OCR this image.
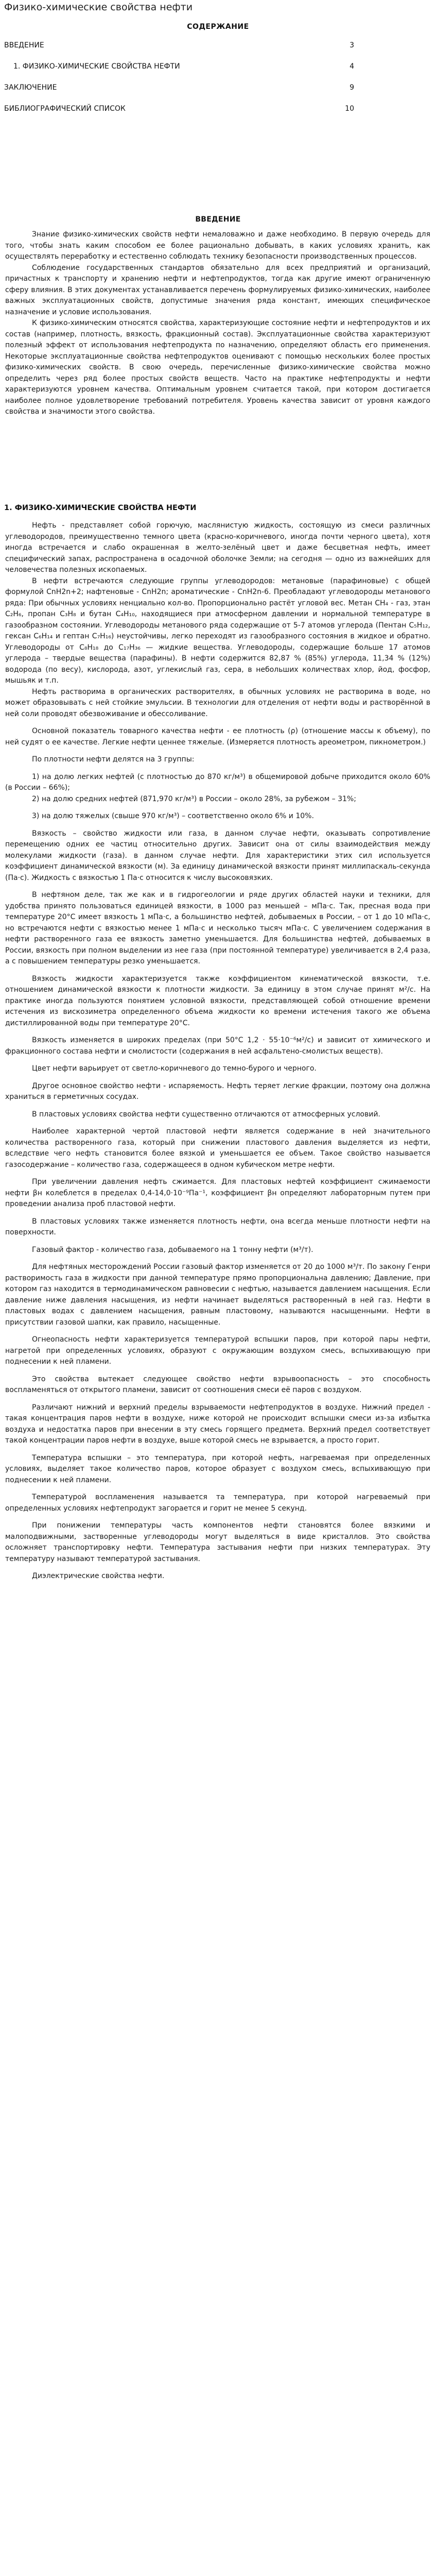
Физико-химические свойства нефти
СОДЕРЖАНИЕ
ВВЕДЕНИЕ	3
1. ФИЗИКО-ХИМИЧЕСКИЕ СВОЙСТВА НЕФТИ	4
ЗАКЛЮЧЕНИЕ	9
БИБЛИОГРАФИЧЕСКИЙ СПИСОК	10
ВВЕДЕНИЕ

Знание физико-химических свойств нефти немаловажно и даже необходимо. В первую очередь для того, чтобы знать каким способом ее более рационально добывать, в каких условиях хранить, как осуществлять переработку и естественно соблюдать технику безопасности производственных процессов.

Соблюдение государственных стандартов обязательно для всех предприятий и организаций, причастных к транспорту и хранению нефти и нефтепродуктов, тогда как другие имеют ограниченную сферу влияния. В этих документах устанавливается перечень формулируемых физико-химических, наиболее важных эксплуатационных свойств, допустимые значения ряда констант, имеющих специфическое назначение и условие использования.

К физико-химическим относятся свойства, характеризующие состояние нефти и нефтепродуктов и их состав (например, плотность, вязкость, фракционный состав). Эксплуатационные свойства характеризуют полезный эффект от использования нефтепродукта по назначению, определяют область его применения. Некоторые эксплуатационные свойства нефтепродуктов оценивают с помощью нескольких более простых физико-химических свойств. В свою очередь, перечисленные физико-химические свойства можно определить через ряд более простых свойств веществ. Часто на практике нефтепродукты и нефти характеризуются уровнем качества. Оптимальным уровнем считается такой, при котором достигается наиболее полное удовлетворение требований потребителя. Уровень качества зависит от уровня каждого свойства и значимости этого свойства.

1. ФИЗИКО-ХИМИЧЕСКИЕ СВОЙСТВА НЕФТИ

Нефть - представляет собой горючую, маслянистую жидкость, состоящую из смеси различных углеводородов, преимущественно темного цвета (красно-коричневого, иногда почти черного цвета), хотя иногда встречается и слабо окрашенная в желто-зелёный цвет и даже бесцветная нефть, имеет специфический запах, распространена в осадочной оболочке Земли; на сегодня — одно из важнейших для человечества полезных ископаемых.

В нефти встречаются следующие группы углеводородов: метановые (парафиновые) с общей формулой CnH2n+2; нафтеновые - CnH2n; ароматические - CnH2n-6. Преобладают углеводороды метанового ряда: При обычных условиях ненциально кол-во. Пропорционально растёт угловой вес. Метан CH₄ - газ, этан C₂H₆, пропан C₃H₈ и бутан C₄H₁₀, находящиеся при атмосферном давлении и нормальной температуре в газообразном состоянии. Углеводороды метанового ряда содержащие от 5-7 атомов углерода (Пентан C₅H₁₂, гексан C₆H₁₄ и гептан C₇H₁₆) неустойчивы, легко переходят из газообразного состояния в жидкое и обратно. Углеводороды от C₈H₁₈ до C₁₇H₃₆ — жидкие вещества. Углеводороды, содержащие больше 17 атомов углерода – твердые вещества (парафины). В нефти содержится 82,87 % (85%) углерода, 11,34 % (12%) водорода (по весу), кислорода, азот, углекислый газ, сера, в небольших количествах хлор, йод, фосфор, мышьяк и т.п.

Нефть растворима в органических растворителях, в обычных условиях не растворима в воде, но может образовывать с ней стойкие эмульсии. В технологии для отделения от нефти воды и растворённой в ней соли проводят обезвоживание и обессоливание.

Основной показатель товарного качества нефти - ее плотность (ρ) (отношение массы к объему), по ней судят о ее качестве. Легкие нефти ценнее тяжелые. (Измеряется плотность ареометром, пикнометром.)

По плотности нефти делятся на 3 группы:

1) на долю легких нефтей (с плотностью до 870 кг/м³) в общемировой добыче приходится около 60% (в России – 66%);

2) на долю средних нефтей (871,970 кг/м³) в России – около 28%, за рубежом – 31%;

3) на долю тяжелых (свыше 970 кг/м³) – соответственно около 6% и 10%.

Вязкость – свойство жидкости или газа, в данном случае нефти, оказывать сопротивление перемещению одних ее частиц относительно других. Зависит она от силы взаимодействия между молекулами жидкости (газа). в данном случае нефти. Для характеристики этих сил используется коэффициент динамической вязкости (м). За единицу динамической вязкости принят миллипаскаль-секунда (Па·с). Жидкость с вязкостью 1 Па·с относится к числу высоковязких.

В нефтяном деле, так же как и в гидрогеологии и ряде других областей науки и техники, для удобства принято пользоваться единицей вязкости, в 1000 раз меньшей – мПа·с. Так, пресная вода при температуре 20°С имеет вязкость 1 мПа·с, а большинство нефтей, добываемых в России, – от 1 до 10 мПа·с, но встречаются нефти с вязкостью менее 1 мПа·с и несколько тысяч мПа·с. С увеличением содержания в нефти растворенного газа ее вязкость заметно уменьшается. Для большинства нефтей, добываемых в России, вязкость при полном выделении из нее газа (при постоянной температуре) увеличивается в 2,4 раза, а с повышением температуры резко уменьшается.

Вязкость жидкости характеризуется также коэффициентом кинематической вязкости, т.е. отношением динамической вязкости к плотности жидкости. За единицу в этом случае принят м²/с. На практике иногда пользуются понятием условной вязкости, представляющей собой отношение времени истечения из вискозиметра определенного объема жидкости ко времени истечения такого же объема дистиллированной воды при температуре 20°С.

Вязкость изменяется в широких пределах (при 50°С 1,2 · 55·10⁻⁶м²/с) и зависит от химического и фракционного состава нефти и смолистости (содержания в ней асфальтено-смолистых веществ).

Цвет нефти варьирует от светло-коричневого до темно-бурого и черного.

Другое основное свойство нефти - испаряемость. Нефть теряет легкие фракции, поэтому она должна храниться в герметичных сосудах.

В пластовых условиях свойства нефти существенно отличаются от атмосферных условий.

Наиболее характерной чертой пластовой нефти является содержание в ней значительного количества растворенного газа, который при снижении пластового давления выделяется из нефти, вследствие чего нефть становится более вязкой и уменьшается ее объем. Такое свойство называется газосодержание – количество газа, содержащееся в одном кубическом метре нефти.

При увеличении давления нефть сжимается. Для пластовых нефтей коэффициент сжимаемости нефти βн колеблется в пределах 0,4-14,0·10⁻⁹Па⁻¹, коэффициент βн определяют лабораторным путем при проведении анализа проб пластовой нефти.

В пластовых условиях также изменяется плотность нефти, она всегда меньше плотности нефти на поверхности.

Газовый фактор - количество газа, добываемого на 1 тонну нефти (м³/т).

Для нефтяных месторождений России газовый фактор изменяется от 20 до 1000 м³/т. По закону Генри растворимость газа в жидкости при данной температуре прямо пропорциональна давлению; Давление, при котором газ находится в термодинамическом равновесии с нефтью, называется давлением насыщения. Если давление ниже давления насыщения, из нефти начинает выделяться растворенный в ней газ. Нефти в пластовых водах с давлением насыщения, равным пластовому, называются насыщенными. Нефти в присутствии газовой шапки, как правило, насыщенные.

Огнеопасность нефти характеризуется температурой вспышки паров, при которой пары нефти, нагретой при определенных условиях, образуют с окружающим воздухом смесь, вспыхивающую при поднесении к ней пламени.

Это свойства вытекает следующее свойство нефти взрывоопасность – это способность воспламеняться от открытого пламени, зависит от соотношения смеси её паров с воздухом.

Различают нижний и верхний пределы взрываемости нефтепродуктов в воздухе. Нижний предел - такая концентрация паров нефти в воздухе, ниже которой не происходит вспышки смеси из-за избытка воздуха и недостатка паров при внесении в эту смесь горящего предмета. Верхний предел соответствует такой концентрации паров нефти в воздухе, выше которой смесь не взрывается, а просто горит.

Температура вспышки – это температура, при которой нефть, нагреваемая при определенных условиях, выделяет такое количество паров, которое образует с воздухом смесь, вспыхивающую при поднесении к ней пламени.

Температурой воспламенения называется та температура, при которой нагреваемый при определенных условиях нефтепродукт загорается и горит не менее 5 секунд.

При понижении температуры часть компонентов нефти становятся более вязкими и малоподвижными, застворенные углеводороды могут выделяться в виде кристаллов. Это свойства осложняет транспортировку нефти. Температура застывания нефти при низких температурах. Эту температуру называют температурой застывания.

Диэлектрические свойства нефти.
